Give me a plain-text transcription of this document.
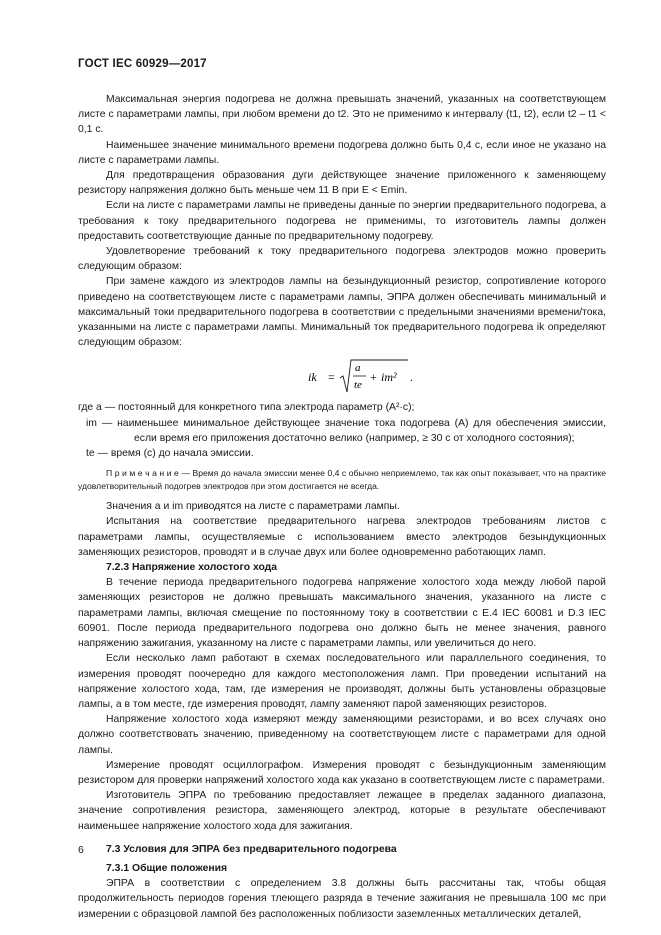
ГОСТ IEC 60929—2017

Максимальная энергия подогрева не должна превышать значений, указанных на соответствующем листе с параметрами лампы, при любом времени до t2. Это не применимо к интервалу (t1, t2), если t2 – t1 < 0,1 с.

Наименьшее значение минимального времени подогрева должно быть 0,4 с, если иное не указано на листе с параметрами лампы.

Для предотвращения образования дуги действующее значение приложенного к заменяющему резистору напряжения должно быть меньше чем 11 В при E < Emin.

Если на листе с параметрами лампы не приведены данные по энергии предварительного подогрева, а требования к току предварительного подогрева не применимы, то изготовитель лампы должен предоставить соответствующие данные по предварительному подогреву.

Удовлетворение требований к току предварительного подогрева электродов можно проверить следующим образом:

При замене каждого из электродов лампы на безындукционный резистор, сопротивление которого приведено на соответствующем листе с параметрами лампы, ЭПРА должен обеспечивать минимальный и максимальный токи предварительного подогрева в соответствии с предельными значениями времени/тока, указанными на листе с параметрами лампы. Минимальный ток предварительного подогрева ik определяют следующим образом:

ik =
a
te
+ im² .

где a — постоянный для конкретного типа электрода параметр (А²·с);

im — наименьшее минимальное действующее значение тока подогрева (А) для обеспечения эмиссии, если время его приложения достаточно велико (например, ≥ 30 с от холодного состояния);

te — время (с) до начала эмиссии.

П р и м е ч а н и е — Время до начала эмиссии менее 0,4 с обычно неприемлемо, так как опыт показывает, что на практике удовлетворительный подогрев электродов при этом достигается не всегда.

Значения a и im приводятся на листе с параметрами лампы.

Испытания на соответствие предварительного нагрева электродов требованиям листов с параметрами лампы, осуществляемые с использованием вместо электродов безындукционных заменяющих резисторов, проводят и в случае двух или более одновременно работающих ламп.

7.2.3 Напряжение холостого хода

В течение периода предварительного подогрева напряжение холостого хода между любой парой заменяющих резисторов не должно превышать максимального значения, указанного на листе с параметрами лампы, включая смещение по постоянному току в соответствии с Е.4 IEC 60081 и D.3 IEC 60901. После периода предварительного подогрева оно должно быть не менее значения, равного напряжению зажигания, указанному на листе с параметрами лампы, или увеличиться до него.

Если несколько ламп работают в схемах последовательного или параллельного соединения, то измерения проводят поочередно для каждого местоположения ламп. При проведении испытаний на напряжение холостого хода, там, где измерения не производят, должны быть установлены образцовые лампы, а в том месте, где измерения проводят, лампу заменяют парой заменяющих резисторов.

Напряжение холостого хода измеряют между заменяющими резисторами, и во всех случаях оно должно соответствовать значению, приведенному на соответствующем листе с параметрами для одной лампы.

Измерение проводят осциллографом. Измерения проводят с безындукционным заменяющим резистором для проверки напряжений холостого хода как указано в соответствующем листе с параметрами.

Изготовитель ЭПРА по требованию предоставляет лежащее в пределах заданного диапазона, значение сопротивления резистора, заменяющего электрод, которые в результате обеспечивают наименьшее напряжение холостого хода для зажигания.

7.3 Условия для ЭПРА без предварительного подогрева

7.3.1 Общие положения

ЭПРА в соответствии с определением 3.8 должны быть рассчитаны так, чтобы общая продолжительность периодов горения тлеющего разряда в течение зажигания не превышала 100 мс при измерении с образцовой лампой без расположенных поблизости заземленных металлических деталей,

6
